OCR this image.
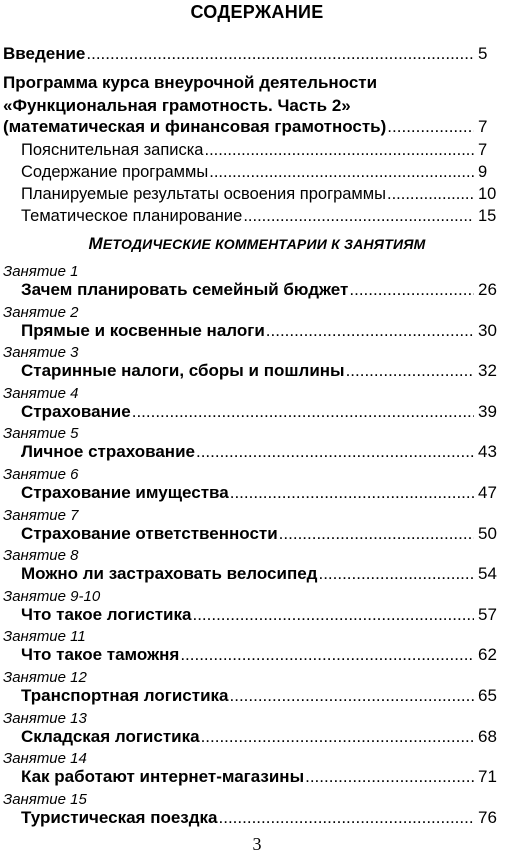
СОДЕРЖАНИЕ
Введение .....	5
Программа курса внеурочной деятельности
«Функциональная грамотность. Часть 2»
(математическая и финансовая грамотность) .....	7
Пояснительная записка .....	7
Содержание программы .....	9
Планируемые результаты освоения программы .....	10
Тематическое планирование .....	15
МЕТОДИЧЕСКИЕ КОММЕНТАРИИ К ЗАНЯТИЯМ
Занятие 1
Зачем планировать семейный бюджет .....	26
Занятие 2
Прямые и косвенные налоги .....	30
Занятие 3
Старинные налоги, сборы и пошлины .....	32
Занятие 4
Страхование .....	39
Занятие 5
Личное страхование .....	43
Занятие 6
Страхование имущества .....	47
Занятие 7
Страхование ответственности .....	50
Занятие 8
Можно ли застраховать велосипед .....	54
Занятие 9-10
Что такое логистика .....	57
Занятие 11
Что такое таможня .....	62
Занятие 12
Транспортная логистика .....	65
Занятие 13
Складская логистика .....	68
Занятие 14
Как работают интернет-магазины .....	71
Занятие 15
Туристическая поездка .....	76
3
